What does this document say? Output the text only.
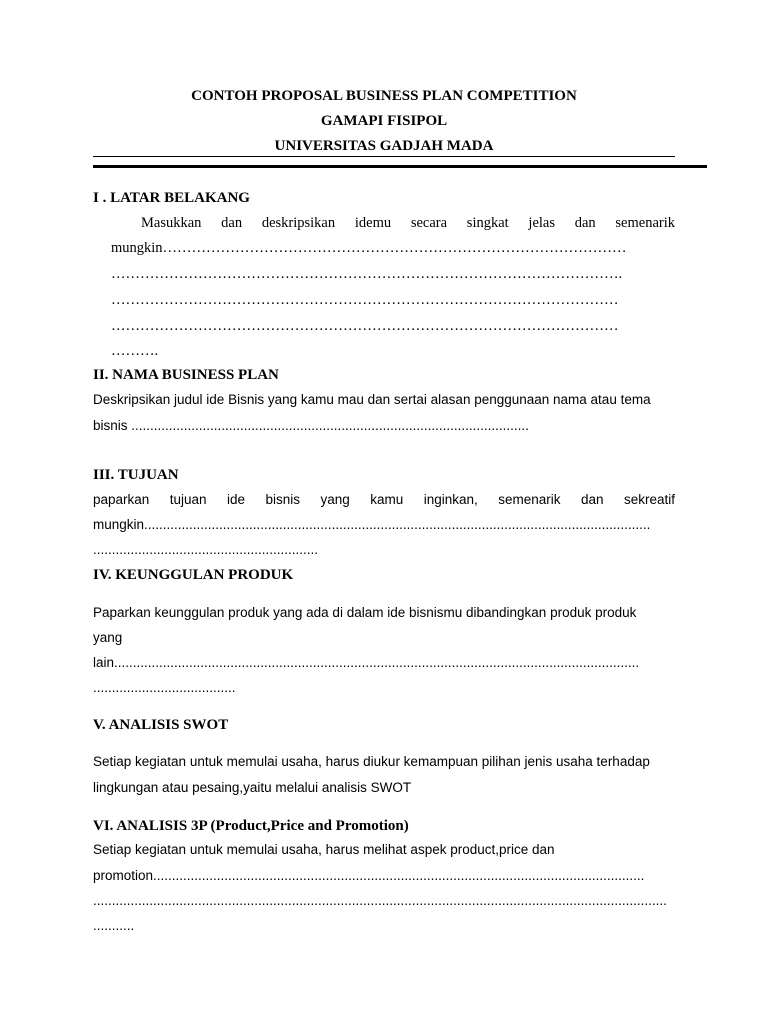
CONTOH PROPOSAL BUSINESS PLAN COMPETITION
GAMAPI FISIPOL
UNIVERSITAS GADJAH MADA
I . LATAR BELAKANG
Masukkan dan deskripsikan idemu secara singkat jelas dan semenarik
mungkin……………………………………………………………………………………
…………………………………………………………………………………………….
……………………………………………………………………………………………
……………………………………………………………………………………………
……….
II. NAMA BUSINESS PLAN
Deskripsikan judul ide Bisnis yang kamu mau dan sertai alasan penggunaan nama atau tema
bisnis ..........................................................................................................
III. TUJUAN
paparkan tujuan ide bisnis yang kamu inginkan, semenarik dan sekreatif
mungkin.......................................................................................................................................
............................................................
IV. KEUNGGULAN PRODUK
Paparkan keunggulan produk yang ada di dalam ide bisnismu dibandingkan produk produk
yang
lain............................................................................................................................................
......................................
V. ANALISIS SWOT
Setiap kegiatan untuk memulai usaha, harus diukur kemampuan pilihan jenis usaha terhadap
lingkungan atau pesaing,yaitu melalui analisis SWOT
VI. ANALISIS 3P (Product,Price and Promotion)
Setiap kegiatan untuk memulai usaha, harus melihat aspek product,price dan
promotion...................................................................................................................................
.........................................................................................................................................................
...........
